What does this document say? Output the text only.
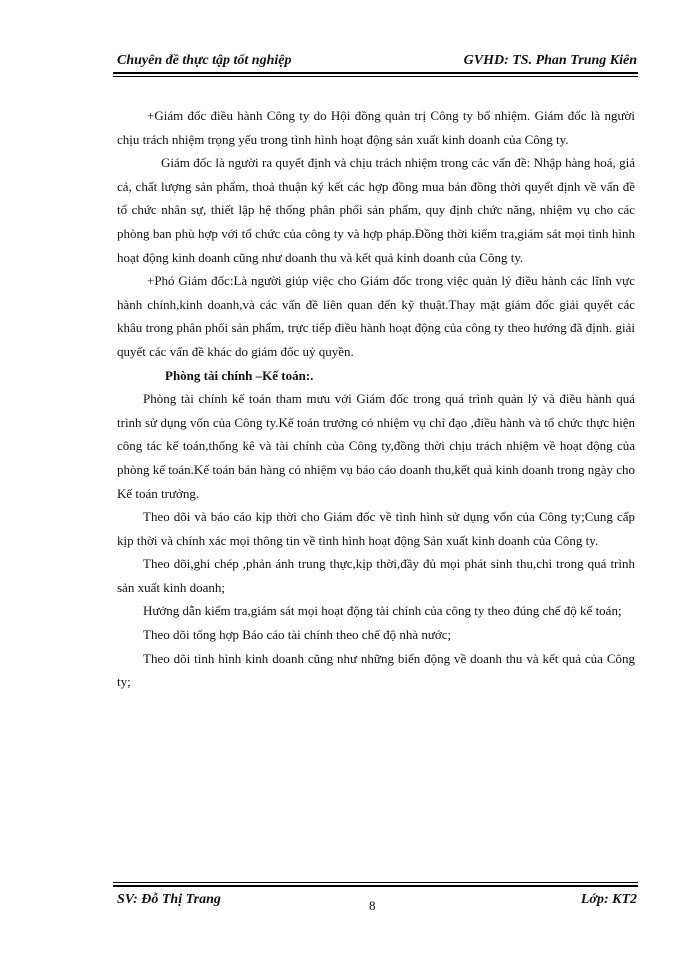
Chuyên đề thực tập tốt nghiệp	GVHD: TS. Phan Trung Kiên

+Giám đốc điều hành Công ty do Hội đồng quản trị Công ty bổ nhiệm. Giám đốc là người chịu trách nhiệm trọng yếu trong tình hình hoạt động sản xuất kinh doanh của Công ty.

Giám đốc là người ra quyết định và chịu trách nhiệm trong các vấn đề: Nhập hàng hoá, giá cả, chất lượng sản phẩm, thoả thuận ký kết các hợp đồng mua bán đồng thời quyết định về vấn đề tổ chức nhân sự, thiết lập hệ thống phân phối sản phẩm, quy định chức năng, nhiệm vụ cho các phòng ban phù hợp với tổ chức của công ty và hợp pháp.Đồng thời kiểm tra,giám sát mọi tình hình hoạt động kinh doanh cũng như doanh thu và kết quả kinh doanh của Công ty.

+Phó Giám đốc:Là người giúp việc cho Giám đốc trong việc quản lý điều hành các lĩnh vực hành chính,kinh doanh,và các vấn đề liên quan đến kỹ thuật.Thay mặt giám đốc giải quyết các khâu trong phân phối sản phẩm, trực tiếp điều hành hoạt động của công ty theo hướng đã định. giải quyết các vấn đề khác do giám đốc uỷ quyền.

Phòng tài chính –Kế toán:.

Phòng tài chính kế toán tham mưu với Giám đốc trong quá trình quản lý và điều hành quá trình sử dụng vốn của Công ty.Kế toán trưởng có nhiệm vụ chỉ đạo ,điều hành và tổ chức thực hiện công tác kế toán,thống kê và tài chính của Công ty,đồng thời chịu trách nhiệm về hoạt động của phòng kế toán.Kế toán bán hàng có nhiệm vụ báo cáo doanh thu,kết quả kinh doanh trong ngày cho Kế toán trưởng.

Theo dõi và báo cáo kịp thời cho Giám đốc về tình hình sử dụng vốn của Công ty;Cung cấp kịp thời và chính xác mọi thông tin về tình hình hoạt động Sản xuất kinh doanh của Công ty.

Theo dõi,ghi chép ,phản ánh trung thực,kịp thời,đầy đủ mọi phát sinh thu,chi trong quá trình sản xuất kinh doanh;

Hướng dẫn kiểm tra,giám sát mọi hoạt động tài chính của công ty theo đúng chế độ kế toán;

Theo dõi tổng hợp Báo cáo tài chính theo chế độ nhà nước;

Theo dõi tình hình kinh doanh cũng như những biến động về doanh thu và kết quả của Công ty;

SV: Đỗ Thị Trang	8	Lớp: KT2
